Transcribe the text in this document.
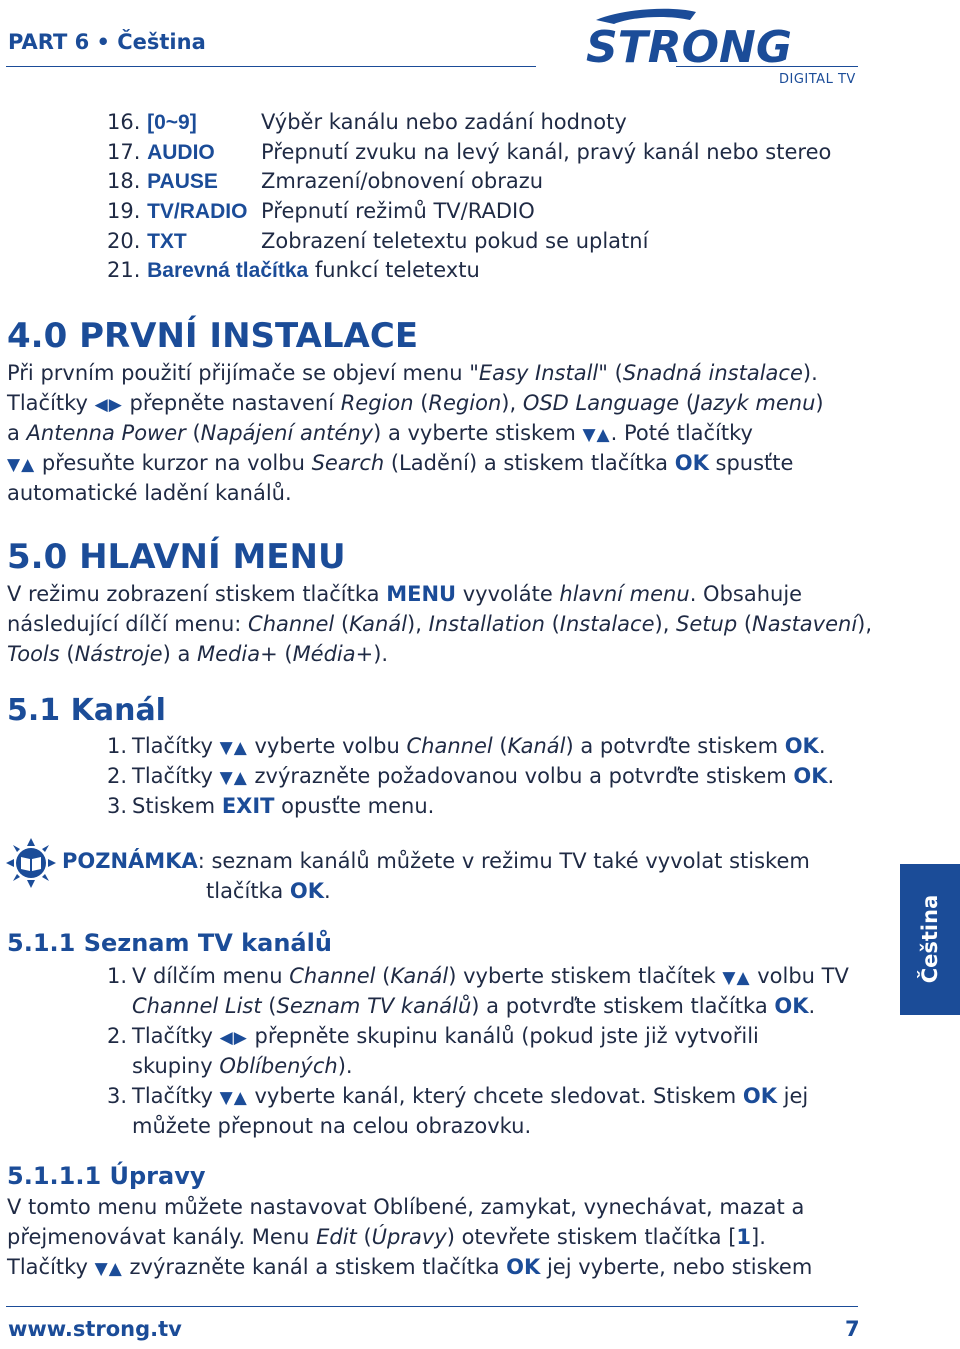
PART 6 • Čeština	STRONG
DIGITAL TV
16. [0~9]	Výběr kanálu nebo zadání hodnoty
17. AUDIO Přepnutí zvuku na levý kanál, pravý kanál nebo stereo
18. PAUSE Zmrazení/obnovení obrazu
19. TV/RADIO Přepnutí režimů TV/RADIO
20. TXT	Zobrazení teletextu pokud se uplatní
21. Barevná tlačítka funkcí teletextu
4.0 PRVNÍ INSTALACE
Při prvním použití přijímače se objeví menu "Easy Install" (Snadná instalace).
Tlačítky ◀▶ přepněte nastavení Region (Region), OSD Language (Jazyk menu)
a Antenna Power (Napájení antény) a vyberte stiskem ▼▲. Poté tlačítky
▼▲ přesuňte kurzor na volbu Search (Ladění) a stiskem tlačítka OK spusťte
automatické ladění kanálů.
5.0 HLAVNÍ MENU
V režimu zobrazení stiskem tlačítka MENU vyvoláte hlavní menu. Obsahuje
následující dílčí menu: Channel (Kanál), Installation (Instalace), Setup (Nastavení),
Tools (Nástroje) a Media+ (Média+).
5.1 Kanál
1. Tlačítky ▼▲ vyberte volbu Channel (Kanál) a potvrďte stiskem OK.
2. Tlačítky ▼▲ zvýrazněte požadovanou volbu a potvrďte stiskem OK.
3. Stiskem EXIT opusťte menu.
POZNÁMKA: seznam kanálů můžete v režimu TV také vyvolat stiskem
tlačítka OK.
5.1.1 Seznam TV kanálů
1. V dílčím menu Channel (Kanál) vyberte stiskem tlačítek ▼▲ volbu TV
Channel List (Seznam TV kanálů) a potvrďte stiskem tlačítka OK.
2. Tlačítky ◀▶ přepněte skupinu kanálů (pokud jste již vytvořili
skupiny Oblíbených).
3. Tlačítky ▼▲ vyberte kanál, který chcete sledovat. Stiskem OK jej
můžete přepnout na celou obrazovku.
5.1.1.1 Úpravy
V tomto menu můžete nastavovat Oblíbené, zamykat, vynechávat, mazat a
přejmenovávat kanály. Menu Edit (Úpravy) otevřete stiskem tlačítka [1].
Tlačítky ▼▲ zvýrazněte kanál a stiskem tlačítka OK jej vyberte, nebo stiskem
Čeština
www.strong.tv	7
